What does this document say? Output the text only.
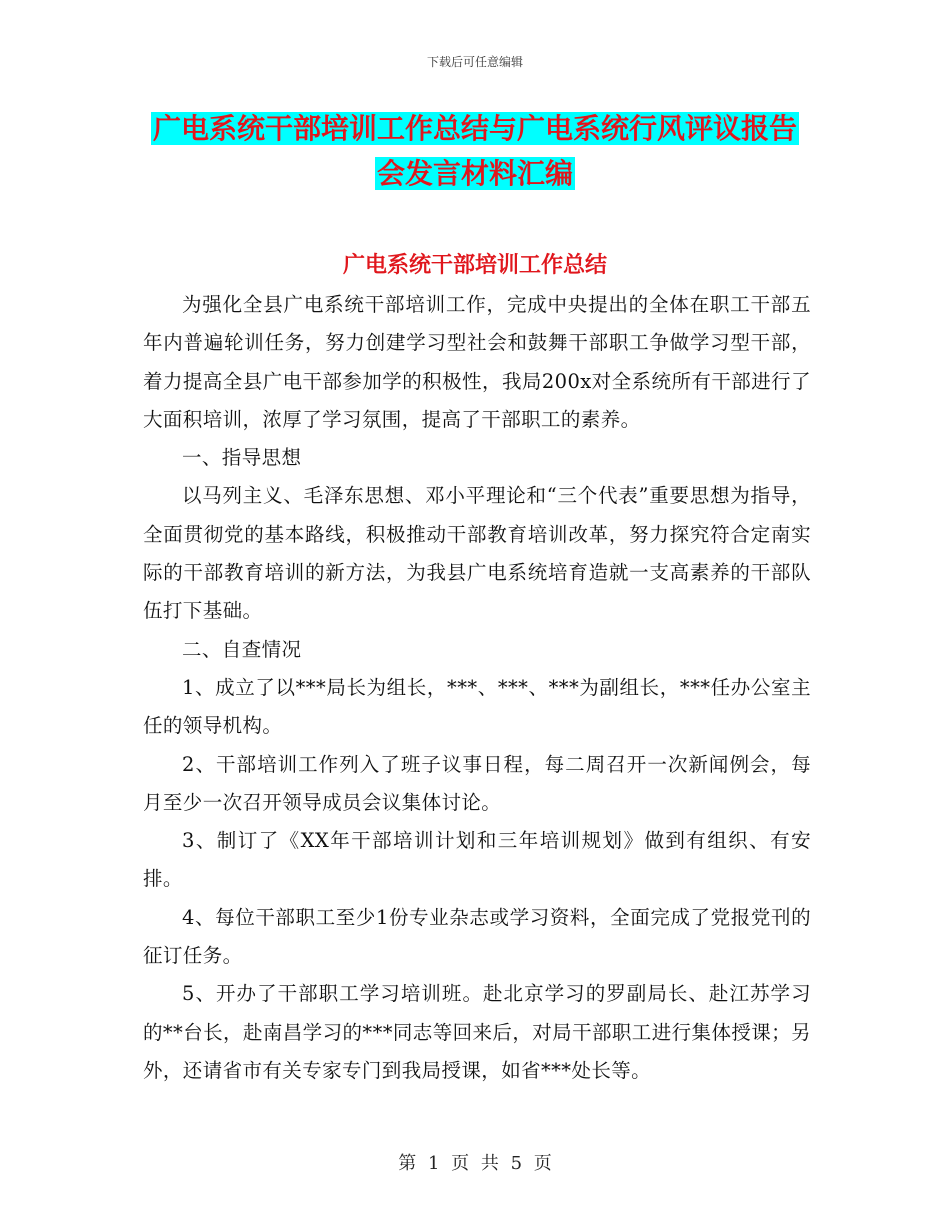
下载后可任意编辑
广电系统干部培训工作总结与广电系统行风评议报告
会发言材料汇编
广电系统干部培训工作总结

为强化全县广电系统干部培训工作，完成中央提出的全体在职工干部五年内普遍轮训任务，努力创建学习型社会和鼓舞干部职工争做学习型干部，着力提高全县广电干部参加学的积极性，我局200x对全系统所有干部进行了大面积培训，浓厚了学习氛围，提高了干部职工的素养。

一、指导思想

以马列主义、毛泽东思想、邓小平理论和“三个代表”重要思想为指导，全面贯彻党的基本路线，积极推动干部教育培训改革，努力探究符合定南实际的干部教育培训的新方法，为我县广电系统培育造就一支高素养的干部队伍打下基础。

二、自查情况

1、成立了以***局长为组长，***、***、***为副组长，***任办公室主任的领导机构。

2、干部培训工作列入了班子议事日程，每二周召开一次新闻例会，每月至少一次召开领导成员会议集体讨论。

3、制订了《XX年干部培训计划和三年培训规划》做到有组织、有安排。

4、每位干部职工至少1份专业杂志或学习资料，全面完成了党报党刊的征订任务。

5、开办了干部职工学习培训班。赴北京学习的罗副局长、赴江苏学习的**台长，赴南昌学习的***同志等回来后，对局干部职工进行集体授课；另外，还请省市有关专家专门到我局授课，如省***处长等。

第 1 页 共 5 页
